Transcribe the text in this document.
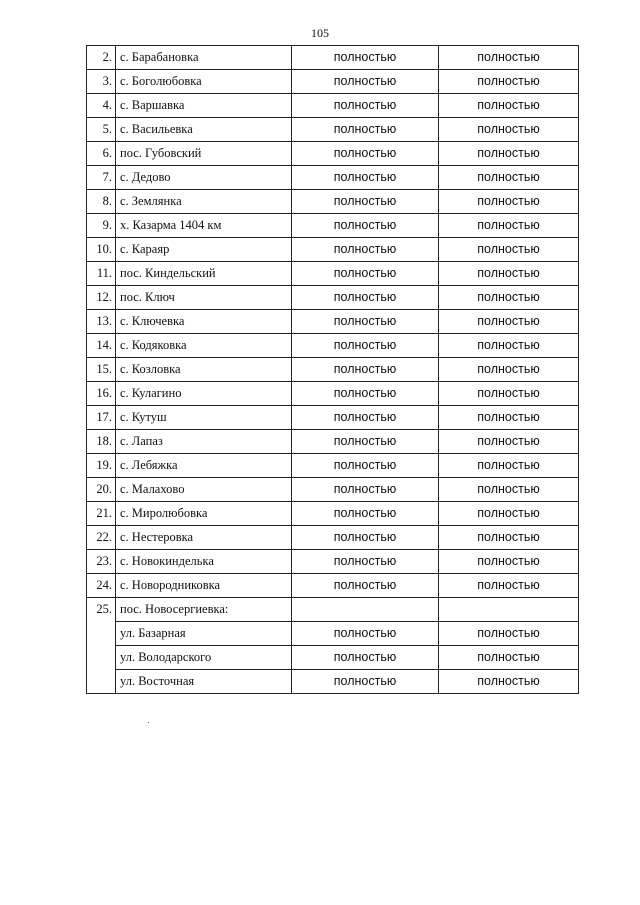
105
2.	с. Барабановка	полностью	полностью
3.	с. Боголюбовка	полностью	полностью
4.	с. Варшавка	полностью	полностью
5.	с. Васильевка	полностью	полностью
6.	пос. Губовский	полностью	полностью
7.	с. Дедово	полностью	полностью
8.	с. Землянка	полностью	полностью
9.	х. Казарма 1404 км	полностью	полностью
10.	с. Караяр	полностью	полностью
11.	пос. Киндельский	полностью	полностью
12.	пос. Ключ	полностью	полностью
13.	с. Ключевка	полностью	полностью
14.	с. Кодяковка	полностью	полностью
15.	с. Козловка	полностью	полностью
16.	с. Кулагино	полностью	полностью
17.	с. Кутуш	полностью	полностью
18.	с. Лапаз	полностью	полностью
19.	с. Лебяжка	полностью	полностью
20.	с. Малахово	полностью	полностью
21.	с. Миролюбовка	полностью	полностью
22.	с. Нестеровка	полностью	полностью
23.	с. Новокинделька	полностью	полностью
24.	с. Новородниковка	полностью	полностью
25.	пос. Новосергиевка:		
	ул. Базарная	полностью	полностью
	ул. Володарского	полностью	полностью
	ул. Восточная	полностью	полностью
